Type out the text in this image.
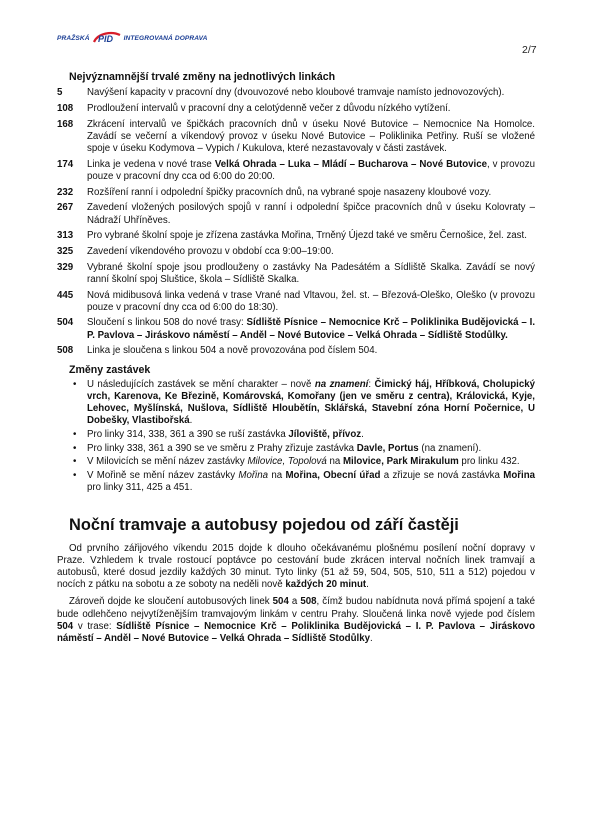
PRAŽSKÁ PID INTEGROVANÁ DOPRAVA
2/7
Nejvýznamnější trvalé změny na jednotlivých linkách
5	Navýšení kapacity v pracovní dny (dvouvozové nebo kloubové tramvaje namísto jednovozových).
108	Prodloužení intervalů v pracovní dny a celotýdenně večer z důvodu nízkého vytížení.
168	Zkrácení intervalů ve špičkách pracovních dnů v úseku Nové Butovice – Nemocnice Na Homolce. Zavádí se večerní a víkendový provoz v úseku Nové Butovice – Poliklinika Petřiny. Ruší se vložené spoje v úseku Kodymova – Vypich / Kukulova, které nezastavovaly v části zastávek.
174	Linka je vedena v nové trase Velká Ohrada – Luka – Mládí – Bucharova – Nové Butovice, v provozu pouze v pracovní dny cca od 6:00 do 20:00.
232	Rozšíření ranní i odpolední špičky pracovních dnů, na vybrané spoje nasazeny kloubové vozy.
267	Zavedení vložených posilových spojů v ranní i odpolední špičce pracovních dnů v úseku Kolovraty – Nádraží Uhříněves.
313	Pro vybrané školní spoje je zřízena zastávka Mořina, Trněný Újezd také ve směru Černošice, žel. zast.
325	Zavedení víkendového provozu v období cca 9:00–19:00.
329	Vybrané školní spoje jsou prodlouženy o zastávky Na Padesátém a Sídliště Skalka. Zavádí se nový ranní školní spoj Sluštice, škola – Sídliště Skalka.
445	Nová midibusová linka vedená v trase Vrané nad Vltavou, žel. st. – Březová-Oleško, Oleško (v provozu pouze v pracovní dny cca od 6:00 do 18:30).
504	Sloučení s linkou 508 do nové trasy: Sídliště Písnice – Nemocnice Krč – Poliklinika Budějovická – I. P. Pavlova – Jiráskovo náměstí – Anděl – Nové Butovice – Velká Ohrada – Sídliště Stodůlky.
508	Linka je sloučena s linkou 504 a nově provozována pod číslem 504.
Změny zastávek
• U následujících zastávek se mění charakter – nově na znamení: Čimický háj, Hříbková, Cholupický vrch, Karenova, Ke Březině, Komárovská, Komořany (jen ve směru z centra), Královická, Kyje, Lehovec, Myšlínská, Nušlova, Sídliště Hloubětín, Sklářská, Stavební zóna Horní Počernice, U Dobešky, Vlastibořská.
• Pro linky 314, 338, 361 a 390 se ruší zastávka Jíloviště, přívoz.
• Pro linky 338, 361 a 390 se ve směru z Prahy zřizuje zastávka Davle, Portus (na znamení).
• V Milovicích se mění název zastávky Milovice, Topolová na Milovice, Park Mirakulum pro linku 432.
• V Mořině se mění název zastávky Mořina na Mořina, Obecní úřad a zřizuje se nová zastávka Mořina pro linky 311, 425 a 451.
Noční tramvaje a autobusy pojedou od září častěji

Od prvního zářijového víkendu 2015 dojde k dlouho očekávanému plošnému posílení noční dopravy v Praze. Vzhledem k trvale rostoucí poptávce po cestování bude zkrácen interval nočních linek tramvají a autobusů, které dosud jezdily každých 30 minut. Tyto linky (51 až 59, 504, 505, 510, 511 a 512) pojedou v nocích z pátku na sobotu a ze soboty na neděli nově každých 20 minut.

Zároveň dojde ke sloučení autobusových linek 504 a 508, čímž budou nabídnuta nová přímá spojení a také bude odlehčeno nejvytíženějším tramvajovým linkám v centru Prahy. Sloučená linka nově vyjede pod číslem 504 v trase: Sídliště Písnice – Nemocnice Krč – Poliklinika Budějovická – I. P. Pavlova – Jiráskovo náměstí – Anděl – Nové Butovice – Velká Ohrada – Sídliště Stodůlky.
